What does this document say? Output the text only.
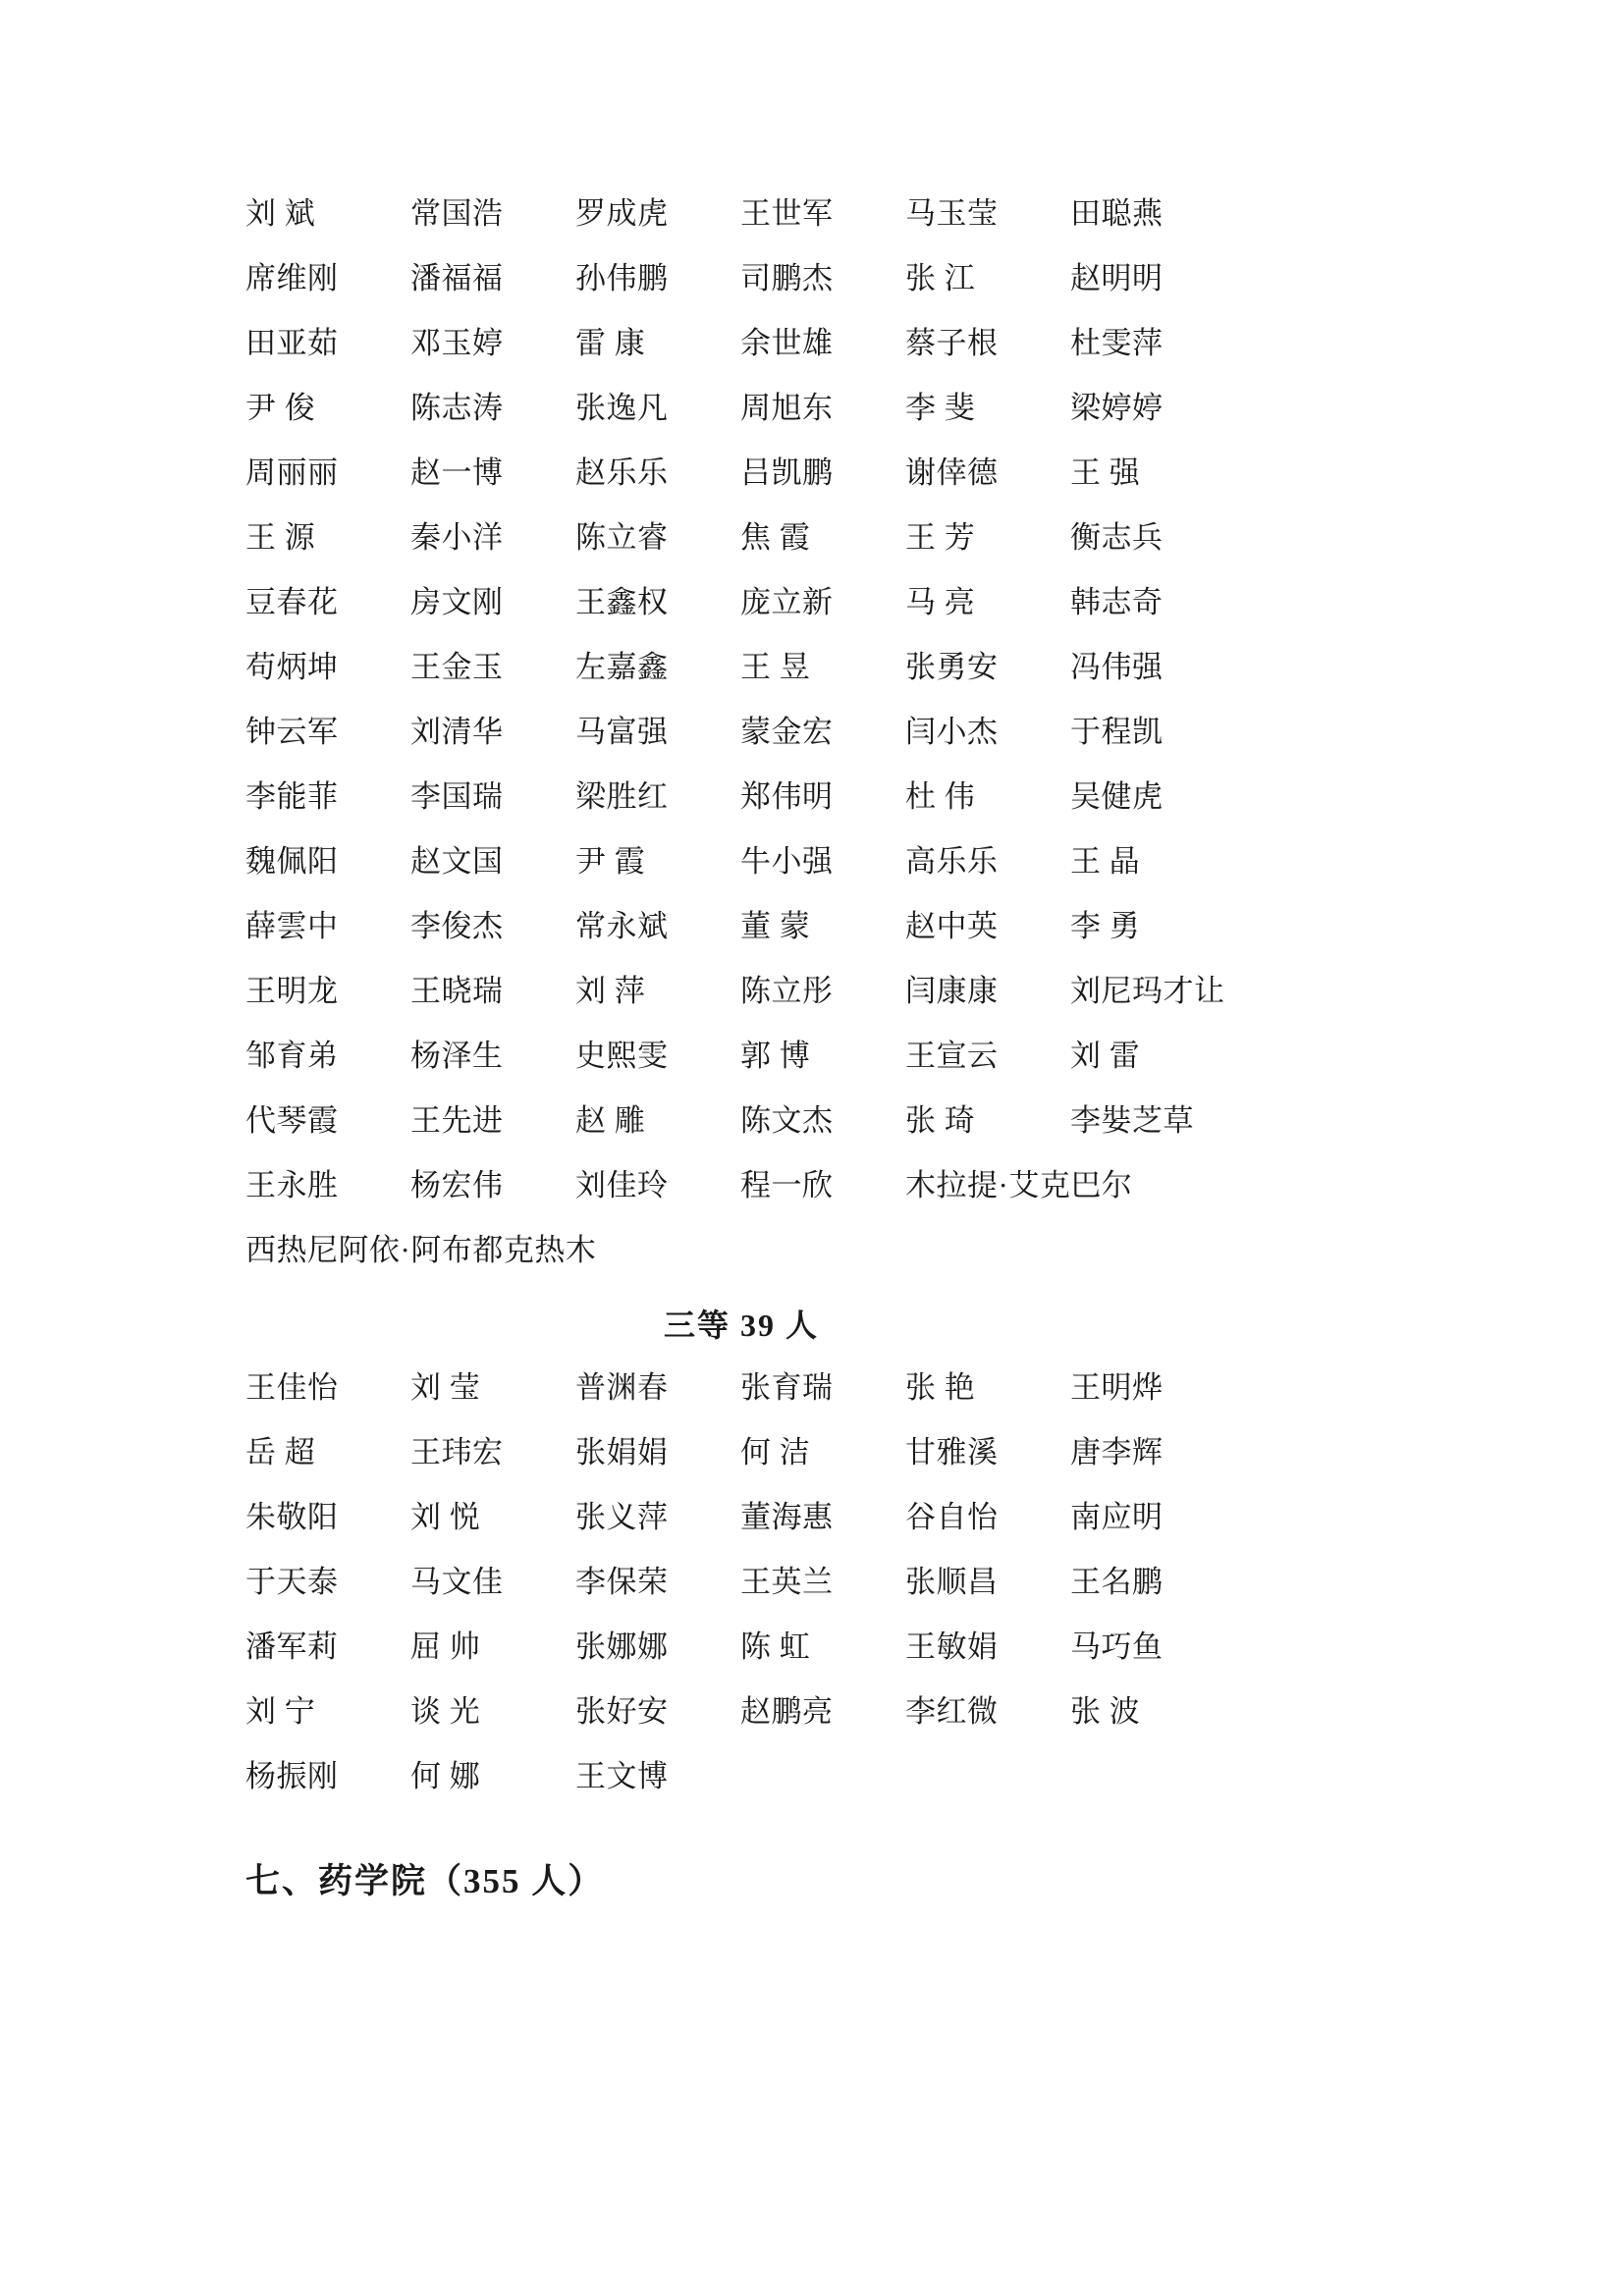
刘 斌	常国浩	罗成虎	王世军	马玉莹	田聪燕
席维刚	潘福福	孙伟鹏	司鹏杰	张 江	赵明明
田亚茹	邓玉婷	雷 康	余世雄	蔡子根	杜雯萍
尹 俊	陈志涛	张逸凡	周旭东	李 斐	梁婷婷
周丽丽	赵一博	赵乐乐	吕凯鹏	谢倖德	王 强
王 源	秦小洋	陈立睿	焦 霞	王 芳	衡志兵
豆春花	房文刚	王鑫权	庞立新	马 亮	韩志奇
苟炳坤	王金玉	左嘉鑫	王 昱	张勇安	冯伟强
钟云军	刘清华	马富强	蒙金宏	闫小杰	于程凯
李能菲	李国瑞	梁胜红	郑伟明	杜 伟	吴健虎
魏佩阳	赵文国	尹 霞	牛小强	高乐乐	王 晶
薛雲中	李俊杰	常永斌	董 蒙	赵中英	李 勇
王明龙	王晓瑞	刘 萍	陈立彤	闫康康	刘尼玛才让
邹育弟	杨泽生	史熙雯	郭 博	王宣云	刘 雷
代琴霞	王先进	赵 雕	陈文杰	张 琦	李娤芝草
王永胜	杨宏伟	刘佳玲	程一欣	木拉提·艾克巴尔
西热尼阿依·阿布都克热木
三等 39 人
王佳怡	刘 莹	普渊春	张育瑞	张 艳	王明烨
岳 超	王玮宏	张娟娟	何 洁	甘雅溪	唐李辉
朱敬阳	刘 悦	张义萍	董海惠	谷自怡	南应明
于天泰	马文佳	李保荣	王英兰	张顺昌	王名鹏
潘军莉	屈 帅	张娜娜	陈 虹	王敏娟	马巧鱼
刘 宁	谈 光	张好安	赵鹏亮	李红微	张 波
杨振刚	何 娜	王文博
七、药学院（355 人）
